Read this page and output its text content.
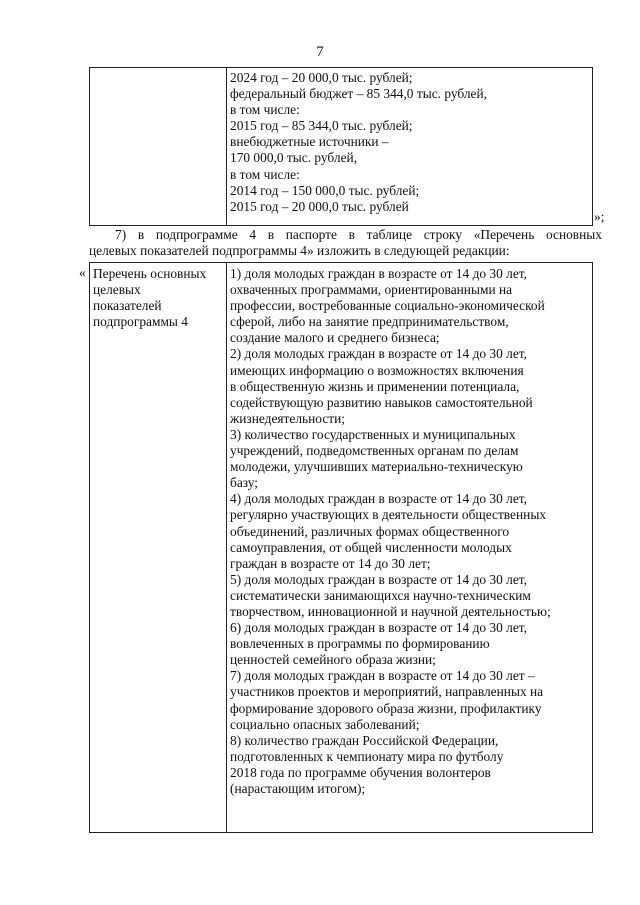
7
2024 год – 20 000,0 тыс. рублей;
федеральный бюджет – 85 344,0 тыс. рублей,
в том числе:
2015 год – 85 344,0 тыс. рублей;
внебюджетные источники –
170 000,0 тыс. рублей,
в том числе:
2014 год – 150 000,0 тыс. рублей;
2015 год – 20 000,0 тыс. рублей
»;
7) в подпрограмме 4 в паспорте в таблице строку «Перечень основных
целевых показателей подпрограммы 4» изложить в следующей редакции:
« Перечень основных
целевых
показателей
подпрограммы 4
1) доля молодых граждан в возрасте от 14 до 30 лет,
охваченных программами, ориентированными на
профессии, востребованные социально-экономической
сферой, либо на занятие предпринимательством,
создание малого и среднего бизнеса;
2) доля молодых граждан в возрасте от 14 до 30 лет,
имеющих информацию о возможностях включения
в общественную жизнь и применении потенциала,
содействующую развитию навыков самостоятельной
жизнедеятельности;
3) количество государственных и муниципальных
учреждений, подведомственных органам по делам
молодежи, улучшивших материально-техническую
базу;
4) доля молодых граждан в возрасте от 14 до 30 лет,
регулярно участвующих в деятельности общественных
объединений, различных формах общественного
самоуправления, от общей численности молодых
граждан в возрасте от 14 до 30 лет;
5) доля молодых граждан в возрасте от 14 до 30 лет,
систематически занимающихся научно-техническим
творчеством, инновационной и научной деятельностью;
6) доля молодых граждан в возрасте от 14 до 30 лет,
вовлеченных в программы по формированию
ценностей семейного образа жизни;
7) доля молодых граждан в возрасте от 14 до 30 лет –
участников проектов и мероприятий, направленных на
формирование здорового образа жизни, профилактику
социально опасных заболеваний;
8) количество граждан Российской Федерации,
подготовленных к чемпионату мира по футболу
2018 года по программе обучения волонтеров
(нарастающим итогом);
